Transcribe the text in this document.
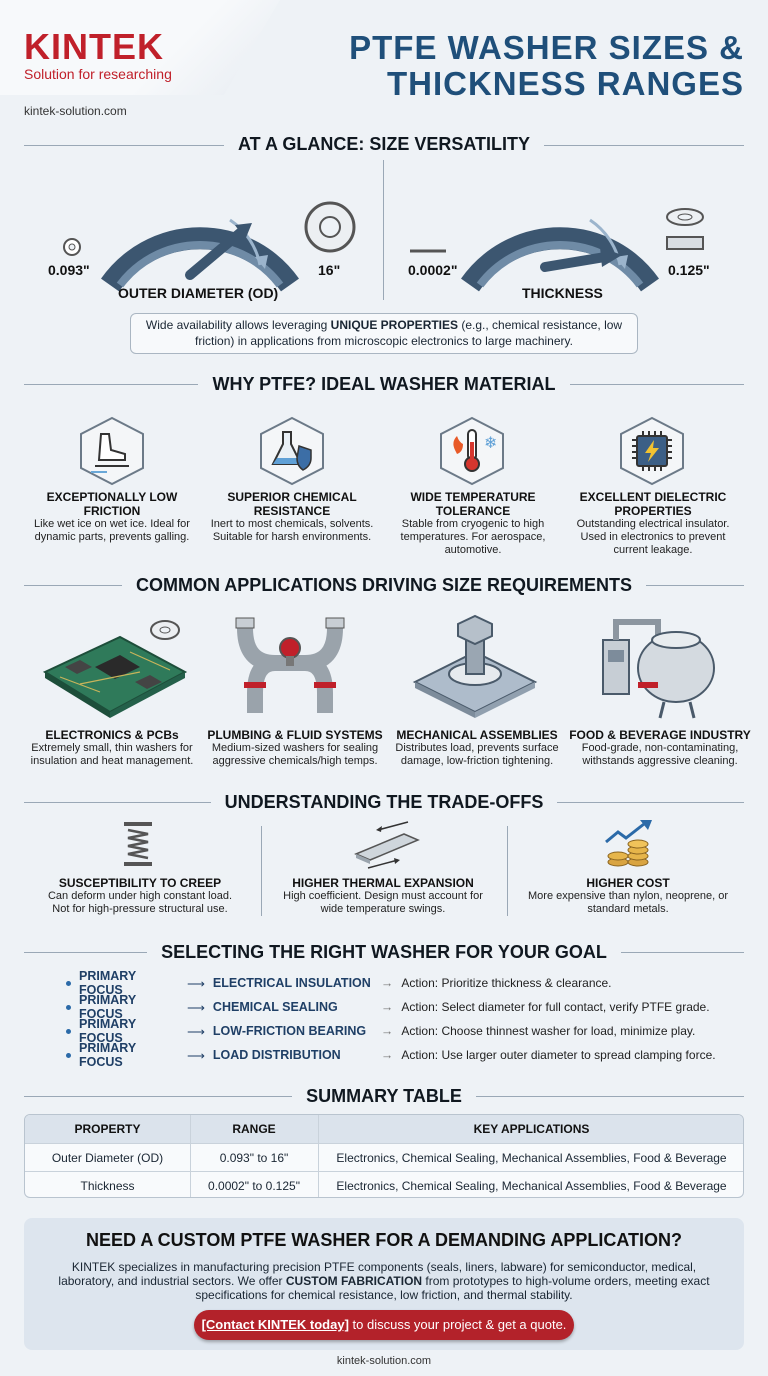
KINTEK
Solution for researching
kintek-solution.com
PTFE WASHER SIZES & THICKNESS RANGES
AT A GLANCE: SIZE VERSATILITY
0.093"	16"
OUTER DIAMETER (OD)
0.0002"	0.125"
THICKNESS
Wide availability allows leveraging UNIQUE PROPERTIES (e.g., chemical resistance, low friction) in applications from microscopic electronics to large machinery.
WHY PTFE? IDEAL WASHER MATERIAL
❄
EXCEPTIONALLY LOW FRICTION

Like wet ice on wet ice. Ideal for dynamic parts, prevents galling.

SUPERIOR CHEMICAL RESISTANCE

Inert to most chemicals, solvents. Suitable for harsh environments.

WIDE TEMPERATURE TOLERANCE

Stable from cryogenic to high temperatures. For aerospace, automotive.

EXCELLENT DIELECTRIC PROPERTIES

Outstanding electrical insulator. Used in electronics to prevent current leakage.

COMMON APPLICATIONS DRIVING SIZE REQUIREMENTS
ELECTRONICS & PCBs

Extremely small, thin washers for insulation and heat management.

PLUMBING & FLUID SYSTEMS

Medium-sized washers for sealing aggressive chemicals/high temps.

MECHANICAL ASSEMBLIES

Distributes load, prevents surface damage, low-friction tightening.

FOOD & BEVERAGE INDUSTRY

Food-grade, non-contaminating, withstands aggressive cleaning.

UNDERSTANDING THE TRADE-OFFS
SUSCEPTIBILITY TO CREEP

Can deform under high constant load. Not for high-pressure structural use.

HIGHER THERMAL EXPANSION

High coefficient. Design must account for wide temperature swings.

HIGHER COST

More expensive than nylon, neoprene, or standard metals.

SELECTING THE RIGHT WASHER FOR YOUR GOAL
PRIMARY FOCUS	⟶ ELECTRICAL INSULATION → Action: Prioritize thickness & clearance.
PRIMARY FOCUS	⟶ CHEMICAL SEALING	→ Action: Select diameter for full contact, verify PTFE grade.
PRIMARY FOCUS	⟶ LOW-FRICTION BEARING	→ Action: Choose thinnest washer for load, minimize play.
PRIMARY FOCUS	⟶ LOAD DISTRIBUTION	→ Action: Use larger outer diameter to spread clamping force.
SUMMARY TABLE
PROPERTY	RANGE	KEY APPLICATIONS
Outer Diameter (OD)	0.093" to 16"	Electronics, Chemical Sealing, Mechanical Assemblies, Food & Beverage
Thickness	0.0002" to 0.125"	Electronics, Chemical Sealing, Mechanical Assemblies, Food & Beverage
NEED A CUSTOM PTFE WASHER FOR A DEMANDING APPLICATION?

KINTEK specializes in manufacturing precision PTFE components (seals, liners, labware) for semiconductor, medical, laboratory, and industrial sectors. We offer CUSTOM FABRICATION from prototypes to high-volume orders, meeting exact specifications for chemical resistance, low friction, and thermal stability.

[Contact KINTEK today] to discuss your project & get a quote.
kintek-solution.com
